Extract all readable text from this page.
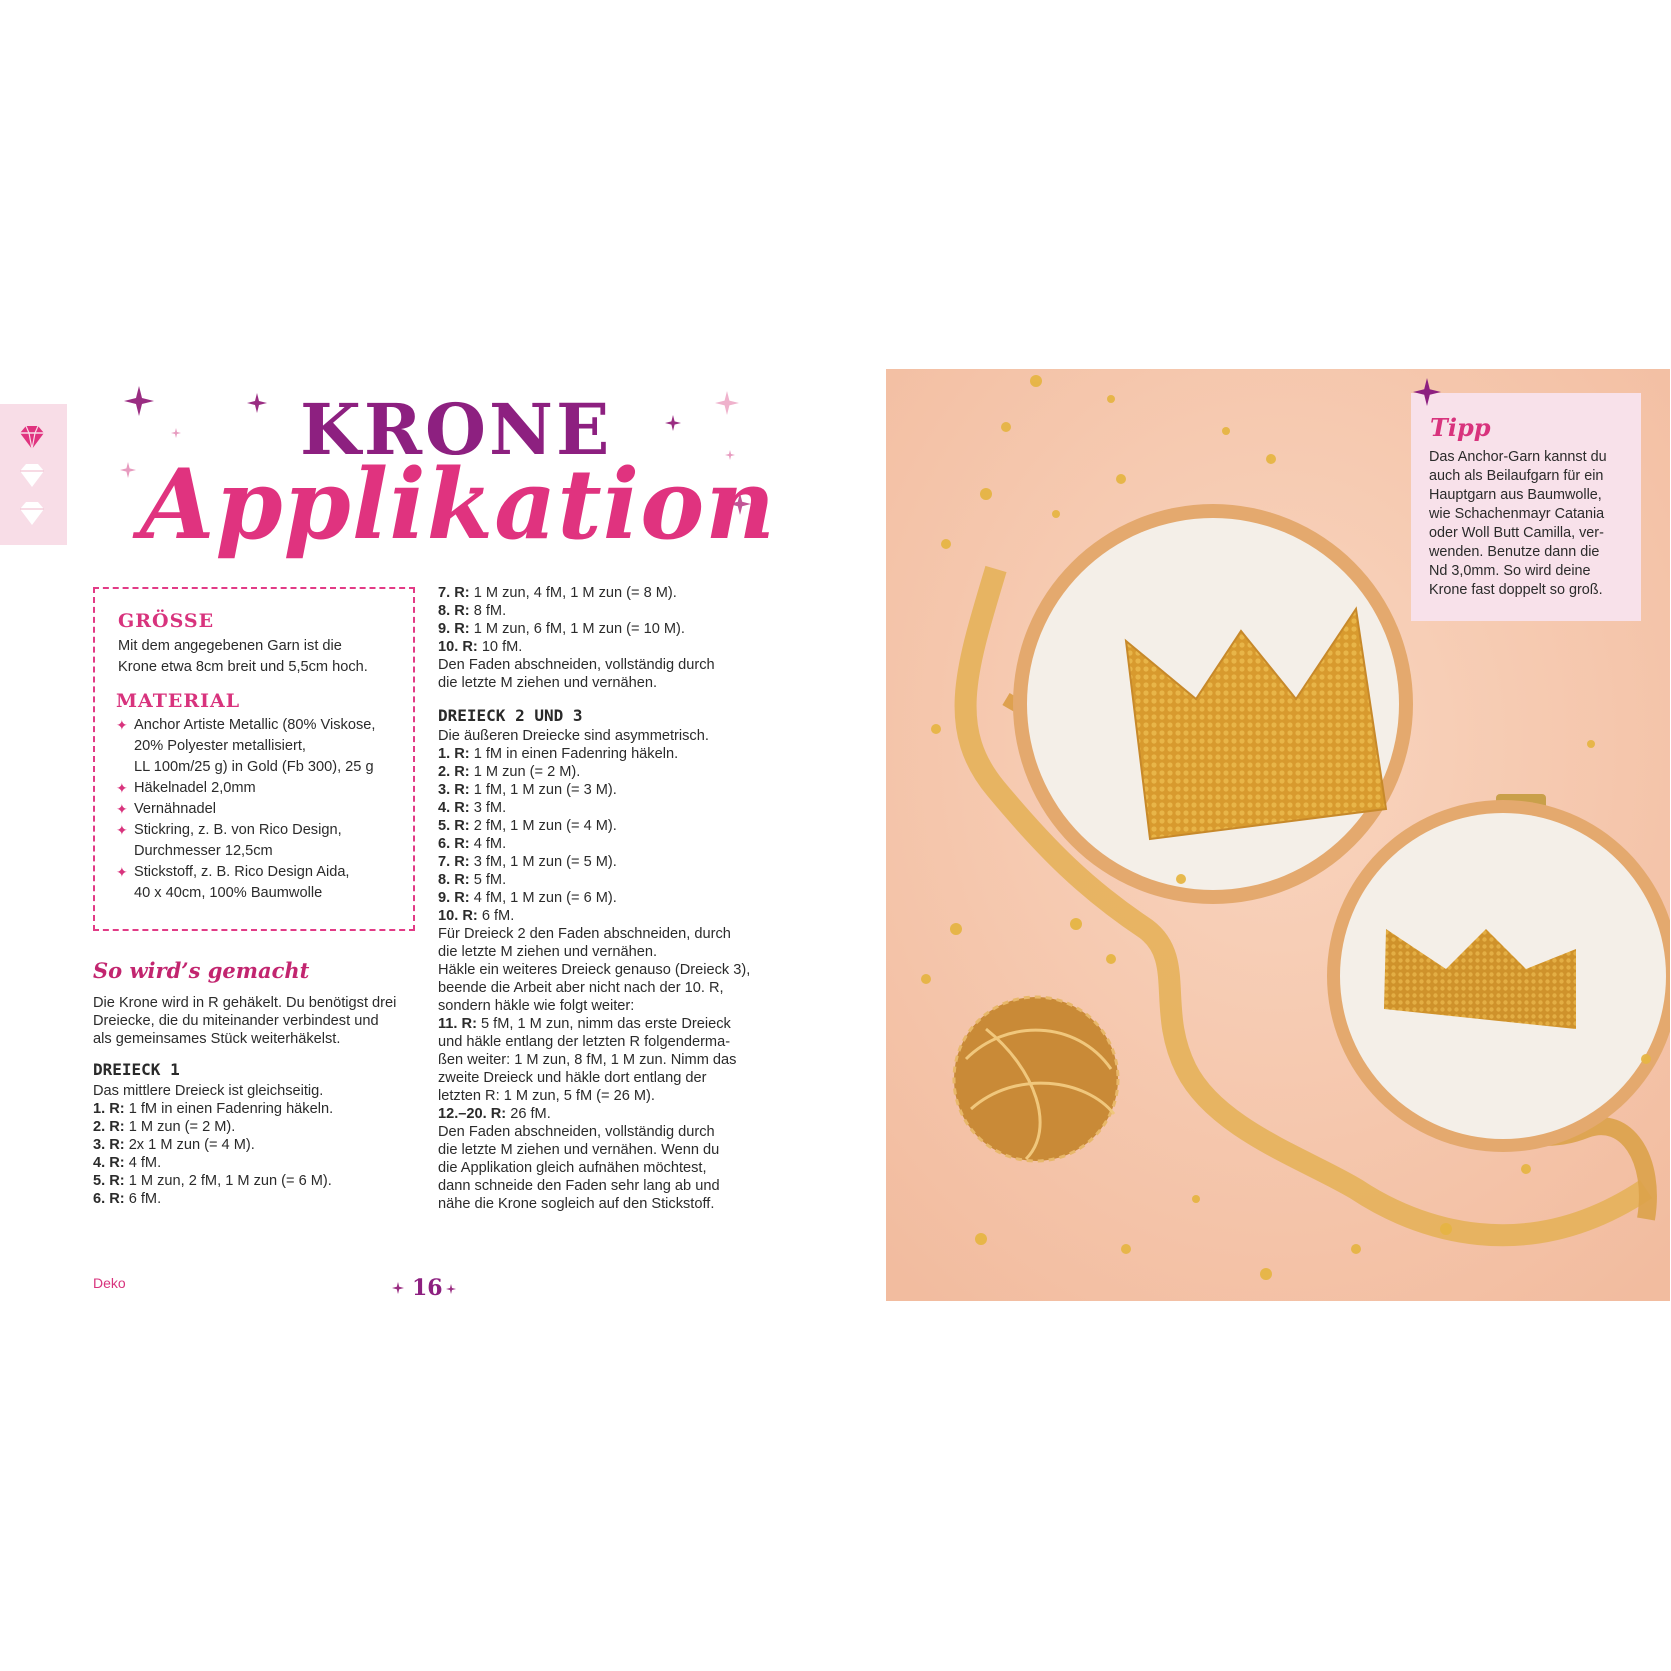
KRONE
Applikation
GRÖSSE
Mit dem angegebenen Garn ist die
Krone etwa 8cm breit und 5,5cm hoch.
MATERIAL
✦ Anchor Artiste Metallic (80% Viskose,
20% Polyester metallisiert,
LL 100m/25 g) in Gold (Fb 300), 25 g
✦ Häkelnadel 2,0mm
✦ Vernähnadel
✦ Stickring, z. B. von Rico Design,
Durchmesser 12,5cm
✦ Stickstoff, z. B. Rico Design Aida,
40 x 40cm, 100% Baumwolle
So wird’s gemacht
Die Krone wird in R gehäkelt. Du benötigst drei
Dreiecke, die du miteinander verbindest und
als gemeinsames Stück weiterhäkelst.
DREIECK 1
Das mittlere Dreieck ist gleichseitig.
1. R: 1 fM in einen Fadenring häkeln.
2. R: 1 M zun (= 2 M).
3. R: 2x 1 M zun (= 4 M).
4. R: 4 fM.
5. R: 1 M zun, 2 fM, 1 M zun (= 6 M).
6. R: 6 fM.
7. R: 1 M zun, 4 fM, 1 M zun (= 8 M).
8. R: 8 fM.
9. R: 1 M zun, 6 fM, 1 M zun (= 10 M).
10. R: 10 fM.
Den Faden abschneiden, vollständig durch
die letzte M ziehen und vernähen.
DREIECK 2 UND 3
Die äußeren Dreiecke sind asymmetrisch.
1. R: 1 fM in einen Fadenring häkeln.
2. R: 1 M zun (= 2 M).
3. R: 1 fM, 1 M zun (= 3 M).
4. R: 3 fM.
5. R: 2 fM, 1 M zun (= 4 M).
6. R: 4 fM.
7. R: 3 fM, 1 M zun (= 5 M).
8. R: 5 fM.
9. R: 4 fM, 1 M zun (= 6 M).
10. R: 6 fM.
Für Dreieck 2 den Faden abschneiden, durch
die letzte M ziehen und vernähen.
Häkle ein weiteres Dreieck genauso (Dreieck 3),
beende die Arbeit aber nicht nach der 10. R,
sondern häkle wie folgt weiter:
11. R: 5 fM, 1 M zun, nimm das erste Dreieck
und häkle entlang der letzten R folgenderma-
ßen weiter: 1 M zun, 8 fM, 1 M zun. Nimm das
zweite Dreieck und häkle dort entlang der
letzten R: 1 M zun, 5 fM (= 26 M).
12.–20. R: 26 fM.
Den Faden abschneiden, vollständig durch
die letzte M ziehen und vernähen. Wenn du
die Applikation gleich aufnähen möchtest,
dann schneide den Faden sehr lang ab und
nähe die Krone sogleich auf den Stickstoff.
Deko	16
Tipp
Das Anchor-Garn kannst du
auch als Beilaufgarn für ein
Hauptgarn aus Baumwolle,
wie Schachenmayr Catania
oder Woll Butt Camilla, ver-
wenden. Benutze dann die
Nd 3,0mm. So wird deine
Krone fast doppelt so groß.
